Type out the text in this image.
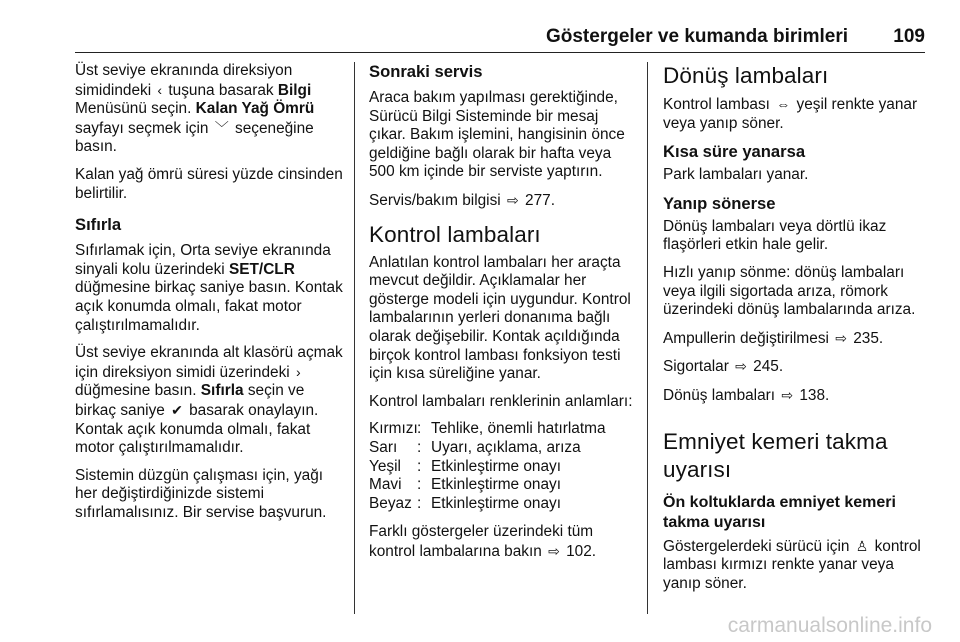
Göstergeler ve kumanda birimleri 109

Üst seviye ekranında direksiyon simidindeki ‹ tuşuna basarak Bilgi Menüsünü seçin. Kalan Yağ Ömrü sayfayı seçmek için ﹀ seçeneğine basın.

Kalan yağ ömrü süresi yüzde cinsinden belirtilir.

Sıfırla

Sıfırlamak için, Orta seviye ekranında sinyali kolu üzerindeki SET/CLR düğmesine birkaç saniye basın. Kontak açık konumda olmalı, fakat motor çalıştırılmamalıdır.

Üst seviye ekranında alt klasörü açmak için direksiyon simidi üzerindeki › düğmesine basın. Sıfırla seçin ve birkaç saniye ✔ basarak onaylayın. Kontak açık konumda olmalı, fakat motor çalıştırılmamalıdır.

Sistemin düzgün çalışması için, yağı her değiştirdiğinizde sistemi sıfırlamalısınız. Bir servise başvurun.

Sonraki servis

Araca bakım yapılması gerektiğinde, Sürücü Bilgi Sisteminde bir mesaj çıkar. Bakım işlemini, hangisinin önce geldiğine bağlı olarak bir hafta veya 500 km içinde bir serviste yaptırın.

Servis/bakım bilgisi ⇨ 277.

Kontrol lambaları

Anlatılan kontrol lambaları her araçta mevcut değildir. Açıklamalar her gösterge modeli için uygundur. Kontrol lambalarının yerleri donanıma bağlı olarak değişebilir. Kontak açıldığında birçok kontrol lambası fonksiyon testi için kısa süreliğine yanar.

Kontrol lambaları renklerinin anlamları:

Kırmızı : Tehlike, önemli hatırlatma
Sarı	: Uyarı, açıklama, arıza
Yeşil	: Etkinleştirme onayı
Mavi	: Etkinleştirme onayı
Beyaz : Etkinleştirme onayı

Farklı göstergeler üzerindeki tüm kontrol lambalarına bakın ⇨ 102.

Dönüş lambaları

Kontrol lambası ⇔ yeşil renkte yanar veya yanıp söner.

Kısa süre yanarsa

Park lambaları yanar.

Yanıp sönerse

Dönüş lambaları veya dörtlü ikaz flaşörleri etkin hale gelir.

Hızlı yanıp sönme: dönüş lambaları veya ilgili sigortada arıza, römork üzerindeki dönüş lambalarında arıza.

Ampullerin değiştirilmesi ⇨ 235.

Sigortalar ⇨ 245.

Dönüş lambaları ⇨ 138.

Emniyet kemeri takma uyarısı
Ön koltuklarda emniyet kemeri takma uyarısı

Göstergelerdeki sürücü için ♙ kontrol lambası kırmızı renkte yanar veya yanıp söner.

carmanualsonline.info
